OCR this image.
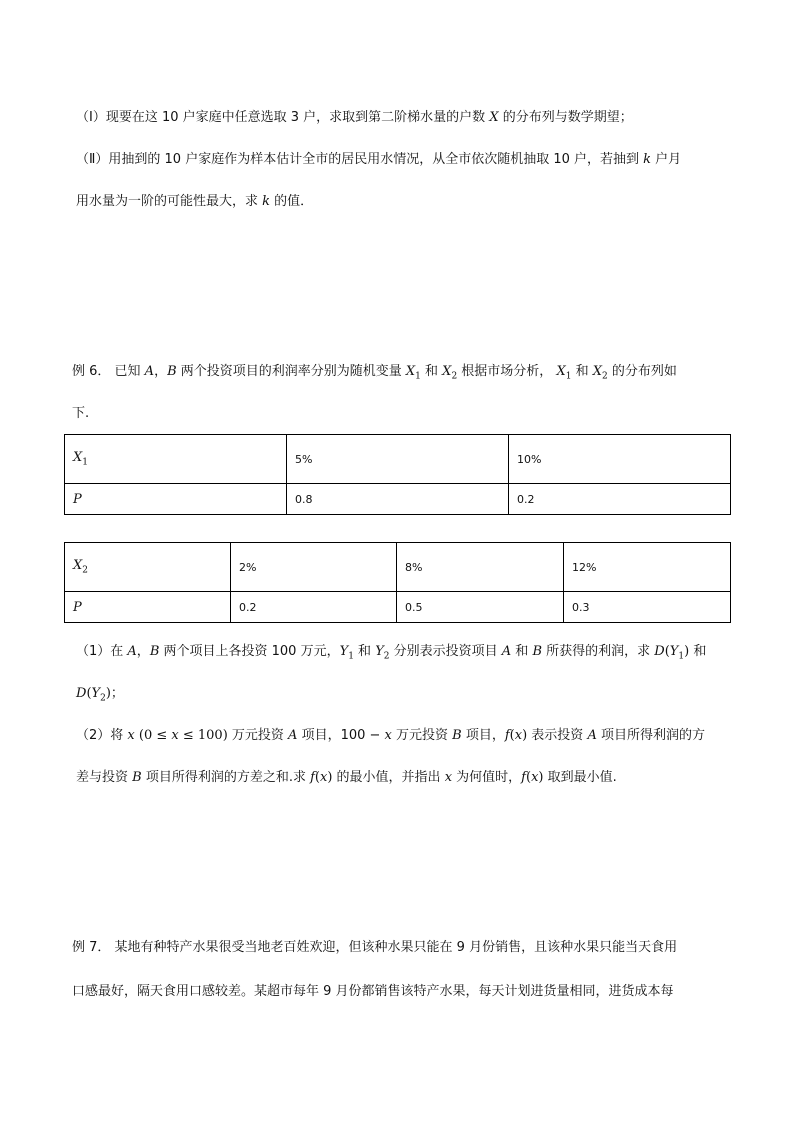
（Ⅰ）现要在这 10 户家庭中任意选取 3 户，求取到第二阶梯水量的户数 X 的分布列与数学期望；
（Ⅱ）用抽到的 10 户家庭作为样本估计全市的居民用水情况，从全市依次随机抽取 10 户，若抽到 k 户月
用水量为一阶的可能性最大，求 k 的值．
例 6． 已知 A，B 两个投资项目的利润率分别为随机变量 $X_1$ 和 $X_2$ 根据市场分析， $X_1$ 和 $X_2$ 的分布列如
下.
$X_1$	5%	10%
P	0.8	0.2
$X_2$	2%	8%	12%
P	0.2	0.5	0.3
（1）在 A，B 两个项目上各投资 100 万元，$Y_1$ 和 $Y_2$ 分别表示投资项目 A 和 B 所获得的利润，求 $D(Y_1)$ 和
$D(Y_2)$；
（2）将 x (0 ≤ x ≤ 100) 万元投资 A 项目，100 − x 万元投资 B 项目，f(x) 表示投资 A 项目所得利润的方
差与投资 B 项目所得利润的方差之和.求 f(x) 的最小值，并指出 x 为何值时，f(x) 取到最小值.
例 7． 某地有种特产水果很受当地老百姓欢迎，但该种水果只能在 9 月份销售，且该种水果只能当天食用
口感最好，隔天食用口感较差。某超市每年 9 月份都销售该特产水果，每天计划进货量相同，进货成本每
